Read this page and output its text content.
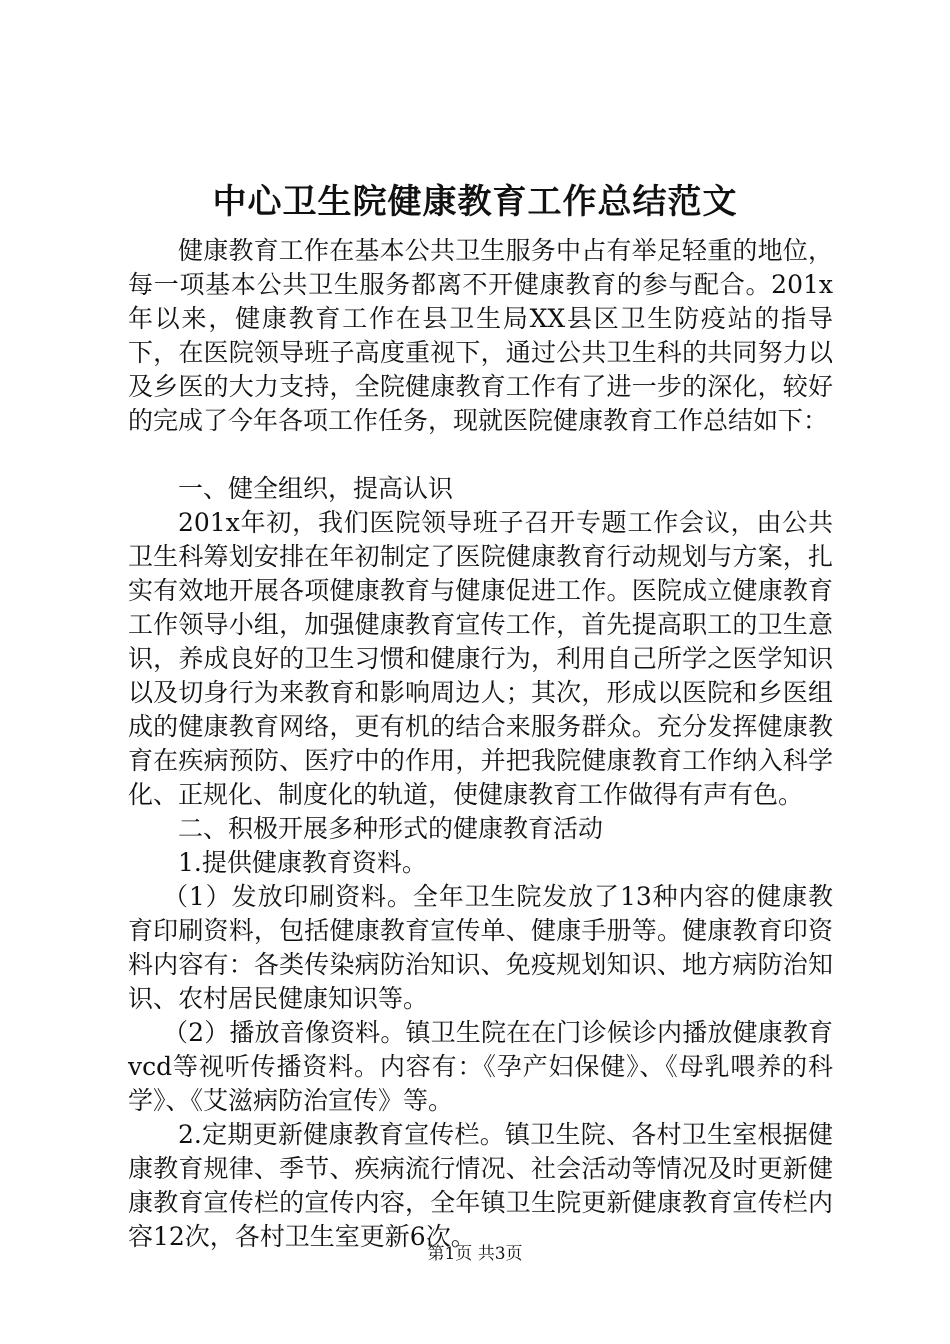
中心卫生院健康教育工作总结范文

健康教育工作在基本公共卫生服务中占有举足轻重的地位，每一项基本公共卫生服务都离不开健康教育的参与配合。201x年以来，健康教育工作在县卫生局XX县区卫生防疫站的指导下，在医院领导班子高度重视下，通过公共卫生科的共同努力以及乡医的大力支持，全院健康教育工作有了进一步的深化，较好的完成了今年各项工作任务，现就医院健康教育工作总结如下：

一、健全组织，提高认识

201x年初，我们医院领导班子召开专题工作会议，由公共卫生科筹划安排在年初制定了医院健康教育行动规划与方案，扎实有效地开展各项健康教育与健康促进工作。医院成立健康教育工作领导小组，加强健康教育宣传工作，首先提高职工的卫生意识，养成良好的卫生习惯和健康行为，利用自己所学之医学知识以及切身行为来教育和影响周边人；其次，形成以医院和乡医组成的健康教育网络，更有机的结合来服务群众。充分发挥健康教育在疾病预防、医疗中的作用，并把我院健康教育工作纳入科学化、正规化、制度化的轨道，使健康教育工作做得有声有色。

二、积极开展多种形式的健康教育活动

1.提供健康教育资料。

（1）发放印刷资料。全年卫生院发放了13种内容的健康教育印刷资料，包括健康教育宣传单、健康手册等。健康教育印资料内容有：各类传染病防治知识、免疫规划知识、地方病防治知识、农村居民健康知识等。

（2）播放音像资料。镇卫生院在在门诊候诊内播放健康教育vcd等视听传播资料。内容有：《孕产妇保健》、《母乳喂养的科学》、《艾滋病防治宣传》等。

2.定期更新健康教育宣传栏。镇卫生院、各村卫生室根据健康教育规律、季节、疾病流行情况、社会活动等情况及时更新健康教育宣传栏的宣传内容，全年镇卫生院更新健康教育宣传栏内容12次，各村卫生室更新6次。

第1页 共3页
